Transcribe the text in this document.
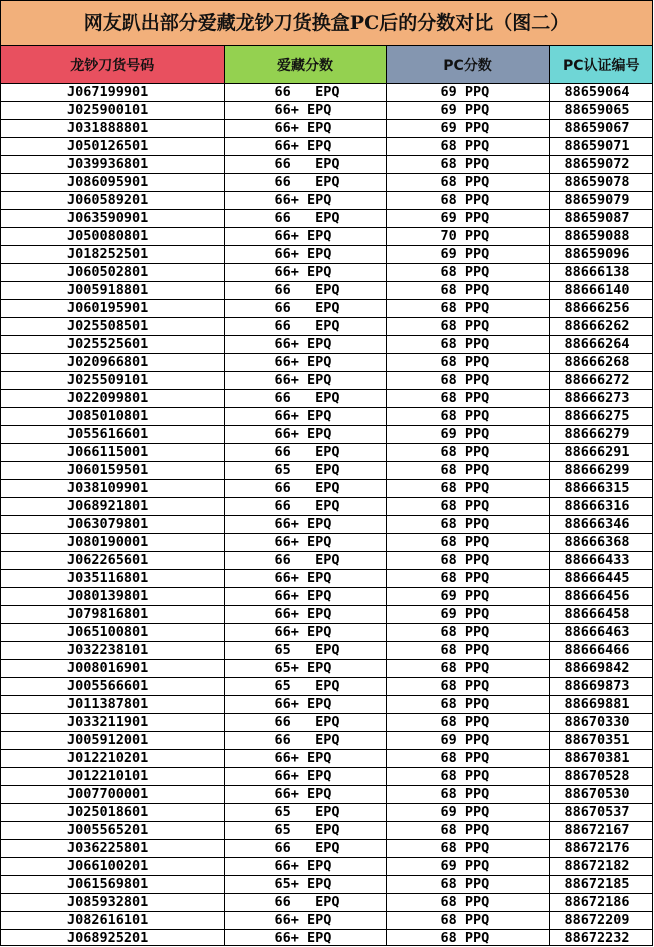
网友趴出部分爱藏龙钞刀货换盒PC后的分数对比（图二）
龙钞刀货号码	爱藏分数	PC分数	PC认证编号
J067199901	66   EPQ	69 PPQ	88659064
J025900101	66+ EPQ	69 PPQ	88659065
J031888801	66+ EPQ	69 PPQ	88659067
J050126501	66+ EPQ	68 PPQ	88659071
J039936801	66   EPQ	68 PPQ	88659072
J086095901	66   EPQ	68 PPQ	88659078
J060589201	66+ EPQ	68 PPQ	88659079
J063590901	66   EPQ	69 PPQ	88659087
J050080801	66+ EPQ	70 PPQ	88659088
J018252501	66+ EPQ	69 PPQ	88659096
J060502801	66+ EPQ	68 PPQ	88666138
J005918801	66   EPQ	68 PPQ	88666140
J060195901	66   EPQ	68 PPQ	88666256
J025508501	66   EPQ	68 PPQ	88666262
J025525601	66+ EPQ	68 PPQ	88666264
J020966801	66+ EPQ	68 PPQ	88666268
J025509101	66+ EPQ	68 PPQ	88666272
J022099801	66   EPQ	68 PPQ	88666273
J085010801	66+ EPQ	68 PPQ	88666275
J055616601	66+ EPQ	69 PPQ	88666279
J066115001	66   EPQ	68 PPQ	88666291
J060159501	65   EPQ	68 PPQ	88666299
J038109901	66   EPQ	68 PPQ	88666315
J068921801	66   EPQ	68 PPQ	88666316
J063079801	66+ EPQ	68 PPQ	88666346
J080190001	66+ EPQ	68 PPQ	88666368
J062265601	66   EPQ	68 PPQ	88666433
J035116801	66+ EPQ	68 PPQ	88666445
J080139801	66+ EPQ	69 PPQ	88666456
J079816801	66+ EPQ	69 PPQ	88666458
J065100801	66+ EPQ	68 PPQ	88666463
J032238101	65   EPQ	68 PPQ	88666466
J008016901	65+ EPQ	68 PPQ	88669842
J005566601	65   EPQ	68 PPQ	88669873
J011387801	66+ EPQ	68 PPQ	88669881
J033211901	66   EPQ	68 PPQ	88670330
J005912001	66   EPQ	69 PPQ	88670351
J012210201	66+ EPQ	68 PPQ	88670381
J012210101	66+ EPQ	68 PPQ	88670528
J007700001	66+ EPQ	68 PPQ	88670530
J025018601	65   EPQ	69 PPQ	88670537
J005565201	65   EPQ	68 PPQ	88672167
J036225801	66   EPQ	68 PPQ	88672176
J066100201	66+ EPQ	69 PPQ	88672182
J061569801	65+ EPQ	68 PPQ	88672185
J085932801	66   EPQ	68 PPQ	88672186
J082616101	66+ EPQ	68 PPQ	88672209
J068925201	66+ EPQ	68 PPQ	88672232
